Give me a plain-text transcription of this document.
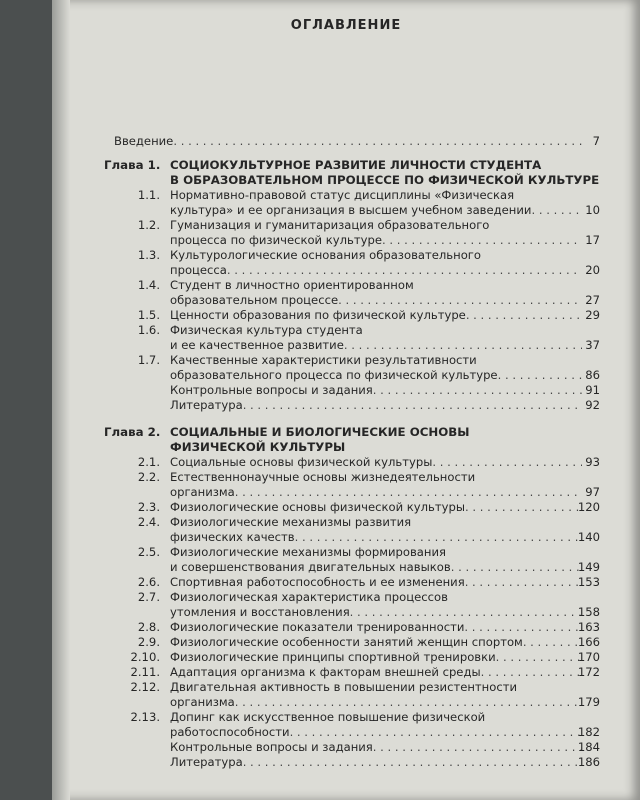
ОГЛАВЛЕНИЕ
Введение . . .	7
Глава 1. СОЦИОКУЛЬТУРНОЕ РАЗВИТИЕ ЛИЧНОСТИ СТУДЕНТА
В ОБРАЗОВАТЕЛЬНОМ ПРОЦЕССЕ ПО ФИЗИЧЕСКОЙ КУЛЬТУРЕ
1.1. Нормативно-правовой статус дисциплины «Физическая
культура» и ее организация в высшем учебном заведении . . .	10
1.2. Гуманизация и гуманитаризация образовательного
процесса по физической культуре . . .	17
1.3. Культурологические основания образовательного
процесса . . .	20
1.4. Студент в личностно ориентированном
образовательном процессе . . .	27
1.5. Ценности образования по физической культуре . . .	29
1.6. Физическая культура студента
и ее качественное развитие . . .	37
1.7. Качественные характеристики результативности
образовательного процесса по физической культуре . . .	86
Контрольные вопросы и задания . . .	91
Литература . . .	92
Глава 2. СОЦИАЛЬНЫЕ И БИОЛОГИЧЕСКИЕ ОСНОВЫ
ФИЗИЧЕСКОЙ КУЛЬТУРЫ
2.1. Социальные основы физической культуры . . .	93
2.2. Естественнонаучные основы жизнедеятельности
организма . . .	97
2.3. Физиологические основы физической культуры . . .	120
2.4. Физиологические механизмы развития
физических качеств . . .	140
2.5. Физиологические механизмы формирования
и совершенствования двигательных навыков . . .	149
2.6. Спортивная работоспособность и ее изменения . . .	153
2.7. Физиологическая характеристика процессов
утомления и восстановления . . .	158
2.8. Физиологические показатели тренированности . . .	163
2.9. Физиологические особенности занятий женщин спортом . . .	166
2.10. Физиологические принципы спортивной тренировки . . .	170
2.11. Адаптация организма к факторам внешней среды . . .	172
2.12. Двигательная активность в повышении резистентности
организма . . .	179
2.13. Допинг как искусственное повышение физической
работоспособности . . .	182
Контрольные вопросы и задания . . .	184
Литература . . .	186
